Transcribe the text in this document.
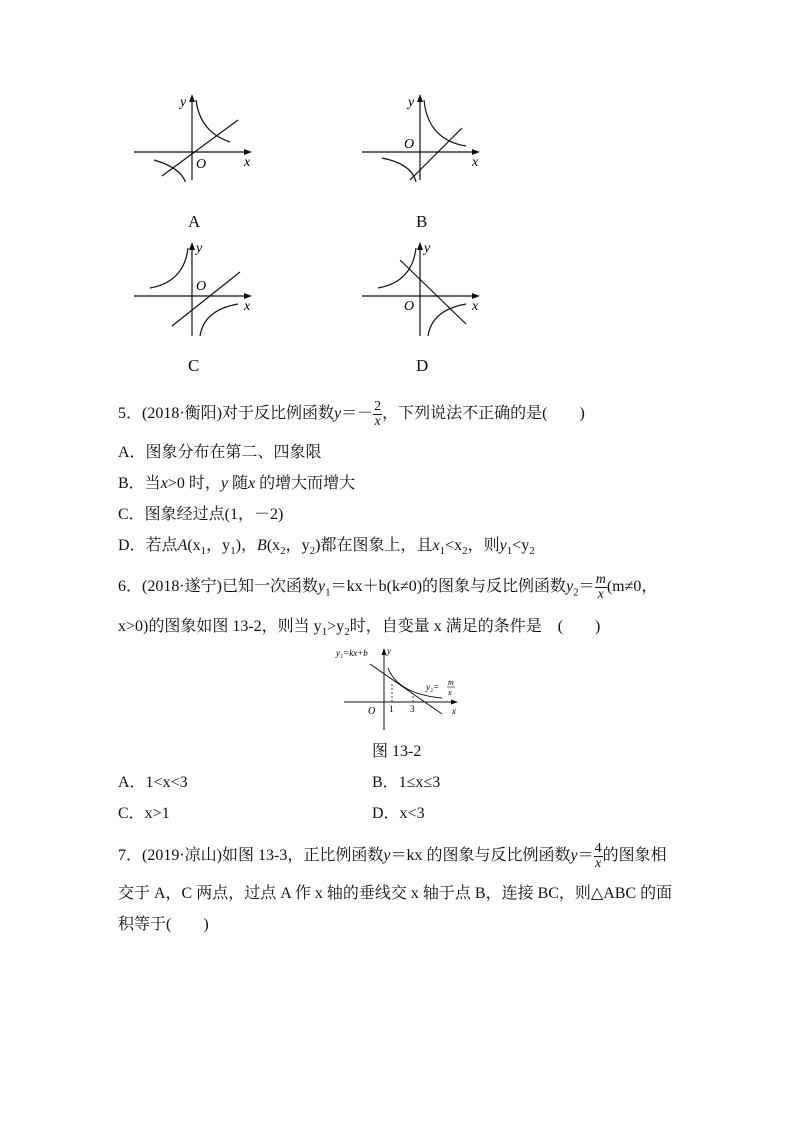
y
x
O
A
y
x
O
B
y
x
O
C
y
x
O
D
5．(2018·衡阳)对于反比例函数$y=- \frac{2}{x}$ ，下列说法不正确的是(　　)
A．图象分布在第二、四象限
B．当x>0 时，y 随x 的增大而增大
C．图象经过点(1，－2)
D．若点$A(x_1$，$y_1$)，$B(x_2$，$y_2$)都在图象上，且$x_1<x_2$，则$y_1<y_2$
6．(2018·遂宁)已知一次函数$y_1=kx+b(k\ne 0)$的图象与反比例函数$y_2= \frac{m}{x} (m\ne 0$，
x>0)的图象如图 13-2，则当 $y_1>y_2$时，自变量 x 满足的条件是　(　　)
y₁=kx+b y
y₂= m
x
O 1 3	x
图 13-2
A．1<x<3	B．1≤x≤3
C．x>1	D．x<3
7．(2019·凉山)如图 13-3，正比例函数y＝kx 的图象与反比例函数$y= \frac{4}{x}$ 的图象相
交于 A，C 两点，过点 A 作 x 轴的垂线交 x 轴于点 B，连接 BC，则△ABC 的面
积等于(　　)
